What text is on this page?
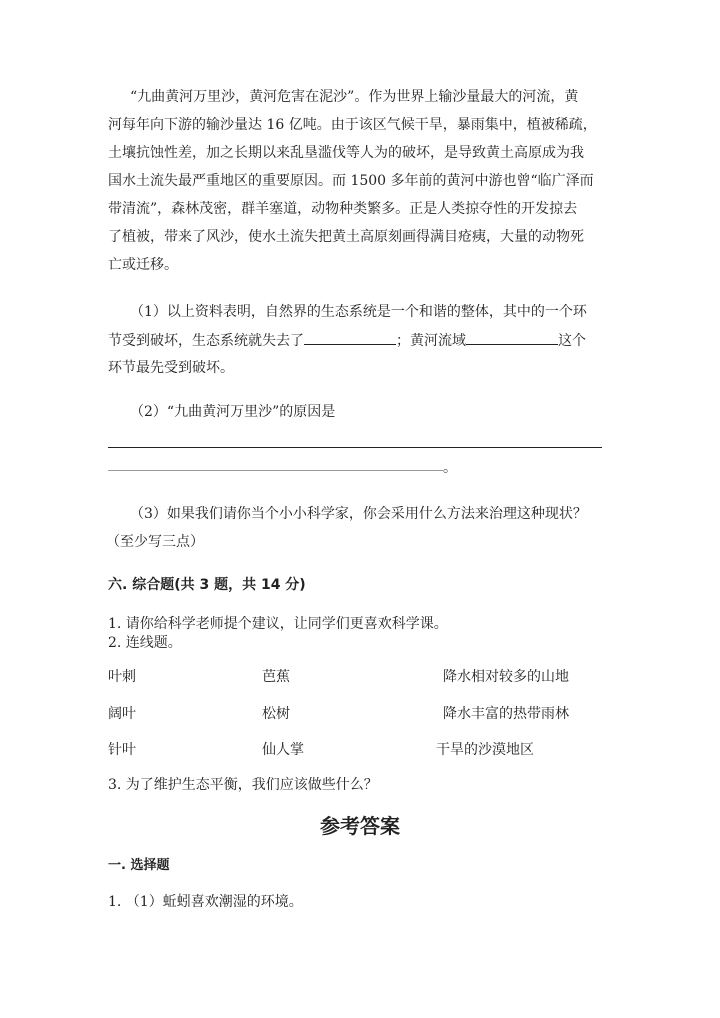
“九曲黄河万里沙，黄河危害在泥沙”。作为世界上输沙量最大的河流，黄
河每年向下游的输沙量达 16 亿吨。由于该区气候干旱，暴雨集中，植被稀疏，
土壤抗蚀性差，加之长期以来乱垦滥伐等人为的破坏，是导致黄土高原成为我
国水土流失最严重地区的重要原因。而 1500 多年前的黄河中游也曾“临广泽而
带清流”，森林茂密，群羊塞道，动物种类繁多。正是人类掠夺性的开发掠去
了植被，带来了风沙，使水土流失把黄土高原刻画得满目疮痍，大量的动物死
亡或迁移。
（1）以上资料表明，自然界的生态系统是一个和谐的整体，其中的一个环
节受到破坏，生态系统就失去了	；黄河流域	这个
环节最先受到破坏。
（2）“九曲黄河万里沙”的原因是
。
（3）如果我们请你当个小小科学家，你会采用什么方法来治理这种现状？
（至少写三点）
六. 综合题(共 3 题，共 14 分)
1. 请你给科学老师提个建议，让同学们更喜欢科学课。
2. 连线题。
叶刺	芭蕉	降水相对较多的山地
阔叶	松树	降水丰富的热带雨林
针叶	仙人掌	干旱的沙漠地区
3. 为了维护生态平衡，我们应该做些什么？
参考答案
一. 选择题
1. （1）蚯蚓喜欢潮湿的环境。
